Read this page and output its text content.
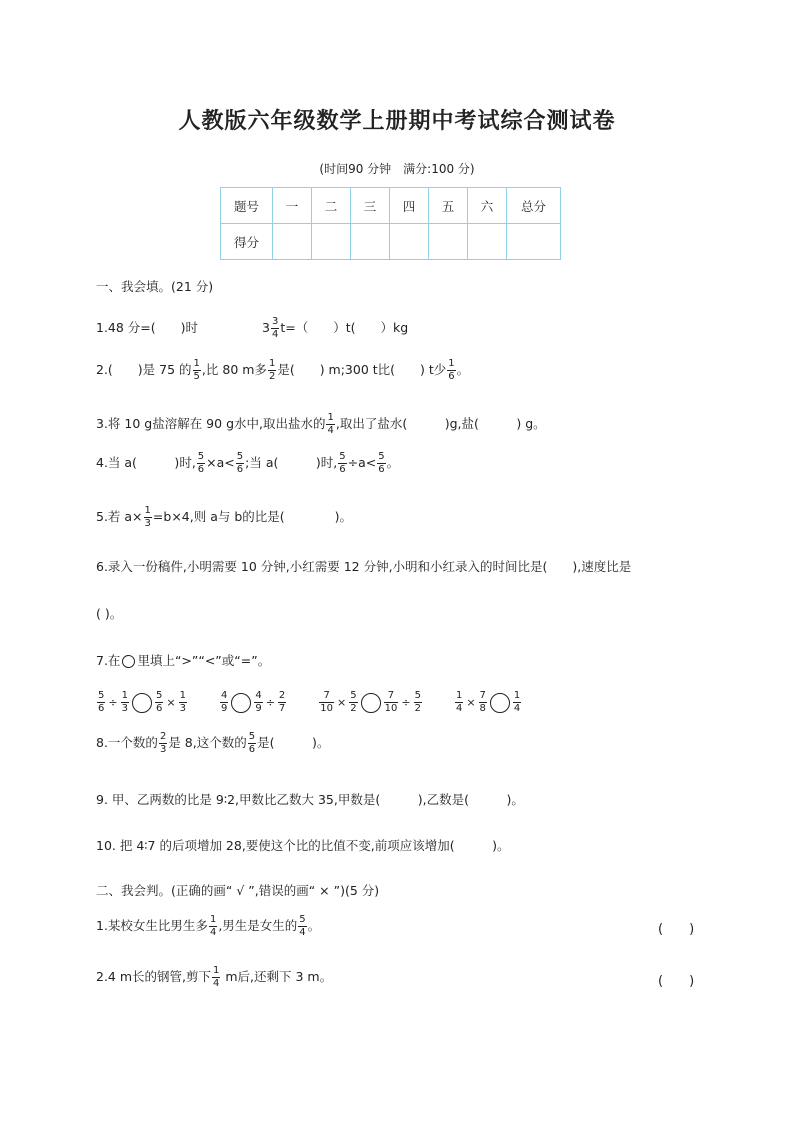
人教版六年级数学上册期中考试综合测试卷
(时间90 分钟　满分:100 分)
题号	一	二	三	四	五	六	总分
得分							
一、我会填。(21 分)
1.48 分=(　　)时	$3 \frac{3}{4} t=$（　　）t(　　）kg
2.(　　)是 75 的 $\frac{1}{5}$ ,比 80 m多 $\frac{1}{2}$ 是(　　) m;300 t比(　　) t少 $\frac{1}{6}$ 。
3.将 10 g盐溶解在 90 g水中,取出盐水的 $\frac{1}{4}$ ,取出了盐水(　　　)g,盐(　　　) g。
4.当 a(　　　)时, $\frac{5}{6} \times a< \frac{5}{6}$ ;当 a(　　　)时, $\frac{5}{6} \div a< \frac{5}{6}$ 。
5.若 $a\times \frac{1}{3} =b\times 4$,则 a与 b的比是(　　　　)。
6.录入一份稿件,小明需要 10 分钟,小红需要 12 分钟,小明和小红录入的时间比是(　　),速度比是
( )。
7.在 里填上“>”“<”或“=”。
$\frac{5}{6} \div \frac{1}{3}$	$\frac{5}{6} \times \frac{1}{3}$
	$\frac{4}{9}$	$\frac{4}{9} \div \frac{2}{7}$
	$\frac{7}{10} \times \frac{5}{2}$	$\frac{7}{10} \div \frac{5}{2}$
	$\frac{1}{4} \times \frac{7}{8}$	$\frac{1}{4}$
8.一个数的 $\frac{2}{3}$ 是 8,这个数的 $\frac{5}{6}$ 是(　　　)。
9. 甲、乙两数的比是 9∶2,甲数比乙数大 35,甲数是(　　　),乙数是(　　　)。
10. 把 4∶7 的后项增加 28,要使这个比的比值不变,前项应该增加(　　　)。
二、我会判。(正确的画“ √ ”,错误的画“ × ”)(5 分)
1.某校女生比男生多 $\frac{1}{4}$ ,男生是女生的 $\frac{5}{4}$ 。	(　　)
2.4 m长的钢管,剪下 $\frac{1}{4}$ m后,还剩下 3 m。	(　　)
